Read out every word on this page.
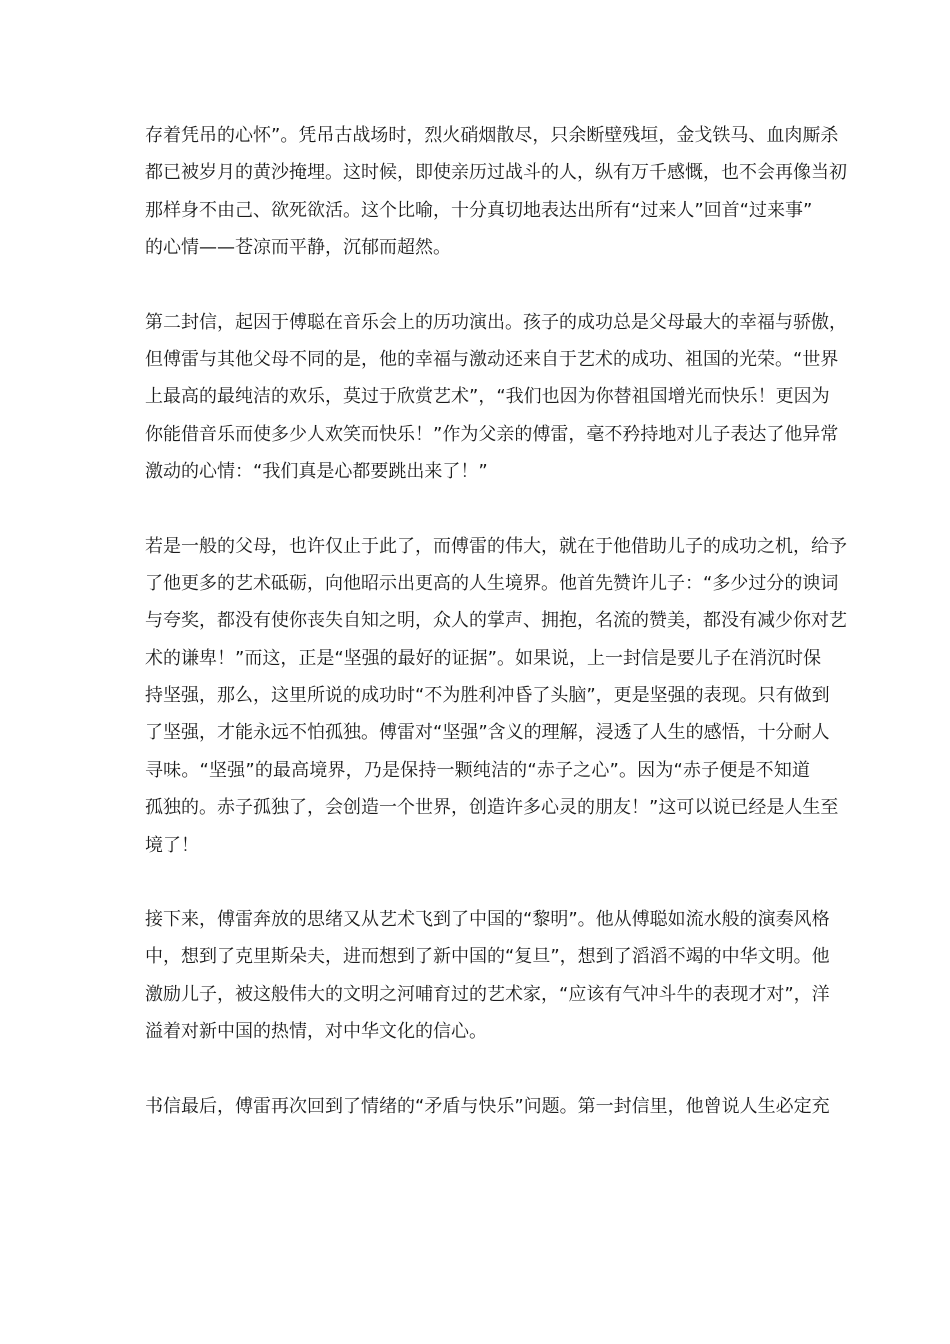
存着凭吊的心怀”。凭吊古战场时，烈火硝烟散尽，只余断壁残垣，金戈铁马、血肉厮杀
都已被岁月的黄沙掩埋。这时候，即使亲历过战斗的人，纵有万千感慨，也不会再像当初
那样身不由己、欲死欲活。这个比喻，十分真切地表达出所有“过来人”回首“过来事”
的心情——苍凉而平静，沉郁而超然。
第二封信，起因于傅聪在音乐会上的历功演出。孩子的成功总是父母最大的幸福与骄傲，
但傅雷与其他父母不同的是，他的幸福与激动还来自于艺术的成功、祖国的光荣。“世界
上最高的最纯洁的欢乐，莫过于欣赏艺术”，“我们也因为你替祖国增光而快乐！更因为
你能借音乐而使多少人欢笑而快乐！”作为父亲的傅雷，毫不矜持地对儿子表达了他异常
激动的心情：“我们真是心都要跳出来了！”
若是一般的父母，也许仅止于此了，而傅雷的伟大，就在于他借助儿子的成功之机，给予
了他更多的艺术砥砺，向他昭示出更高的人生境界。他首先赞许儿子：“多少过分的谀词
与夸奖，都没有使你丧失自知之明，众人的掌声、拥抱，名流的赞美，都没有减少你对艺
术的谦卑！”而这，正是“坚强的最好的证据”。如果说，上一封信是要儿子在消沉时保
持坚强，那么，这里所说的成功时“不为胜利冲昏了头脑”，更是坚强的表现。只有做到
了坚强，才能永远不怕孤独。傅雷对“坚强”含义的理解，浸透了人生的感悟，十分耐人
寻味。“坚强”的最高境界，乃是保持一颗纯洁的“赤子之心”。因为“赤子便是不知道
孤独的。赤子孤独了，会创造一个世界，创造许多心灵的朋友！”这可以说已经是人生至
境了！
接下来，傅雷奔放的思绪又从艺术飞到了中国的“黎明”。他从傅聪如流水般的演奏风格
中，想到了克里斯朵夫，进而想到了新中国的“复旦”，想到了滔滔不竭的中华文明。他
激励儿子，被这般伟大的文明之河哺育过的艺术家，“应该有气冲斗牛的表现才对”，洋
溢着对新中国的热情，对中华文化的信心。
书信最后，傅雷再次回到了情绪的“矛盾与快乐”问题。第一封信里，他曾说人生必定充
